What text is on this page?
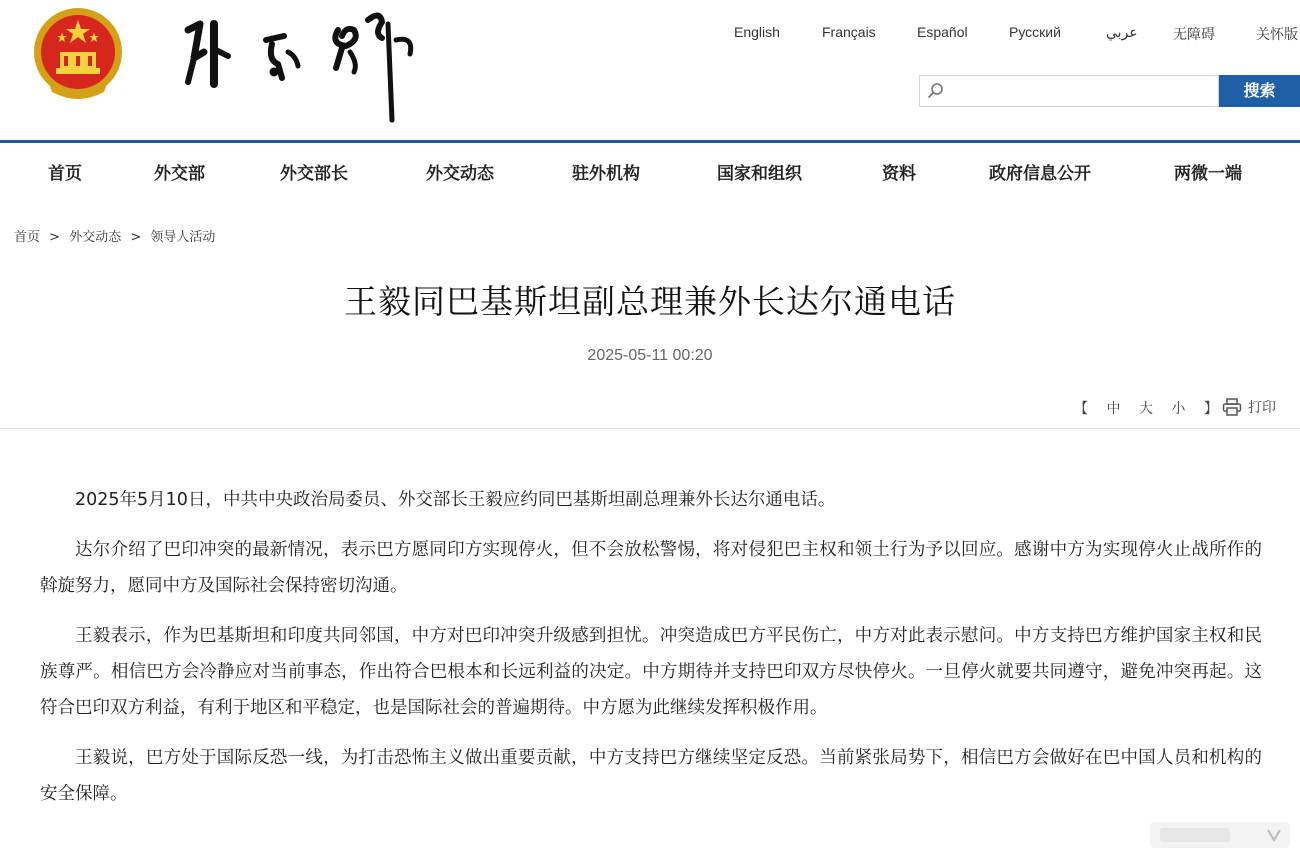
English	Français	Español	Русский	عربي	无障碍	关怀版
搜索
首页	外交部	外交部长	外交动态	驻外机构	国家和组织	资料	政府信息公开	两微一端
首页 > 外交动态 > 领导人活动
王毅同巴基斯坦副总理兼外长达尔通电话
2025-05-11 00:20
【 中 大 小 】	打印

2025年5月10日，中共中央政治局委员、外交部长王毅应约同巴基斯坦副总理兼外长达尔通电话。

达尔介绍了巴印冲突的最新情况，表示巴方愿同印方实现停火，但不会放松警惕，将对侵犯巴主权和领土行为予以回应。感谢中方为实现停火止战所作的斡旋努力，愿同中方及国际社会保持密切沟通。

王毅表示，作为巴基斯坦和印度共同邻国，中方对巴印冲突升级感到担忧。冲突造成巴方平民伤亡，中方对此表示慰问。中方支持巴方维护国家主权和民族尊严。相信巴方会冷静应对当前事态，作出符合巴根本和长远利益的决定。中方期待并支持巴印双方尽快停火。一旦停火就要共同遵守，避免冲突再起。这符合巴印双方利益，有利于地区和平稳定，也是国际社会的普遍期待。中方愿为此继续发挥积极作用。

王毅说，巴方处于国际反恐一线，为打击恐怖主义做出重要贡献，中方支持巴方继续坚定反恐。当前紧张局势下，相信巴方会做好在巴中国人员和机构的安全保障。
